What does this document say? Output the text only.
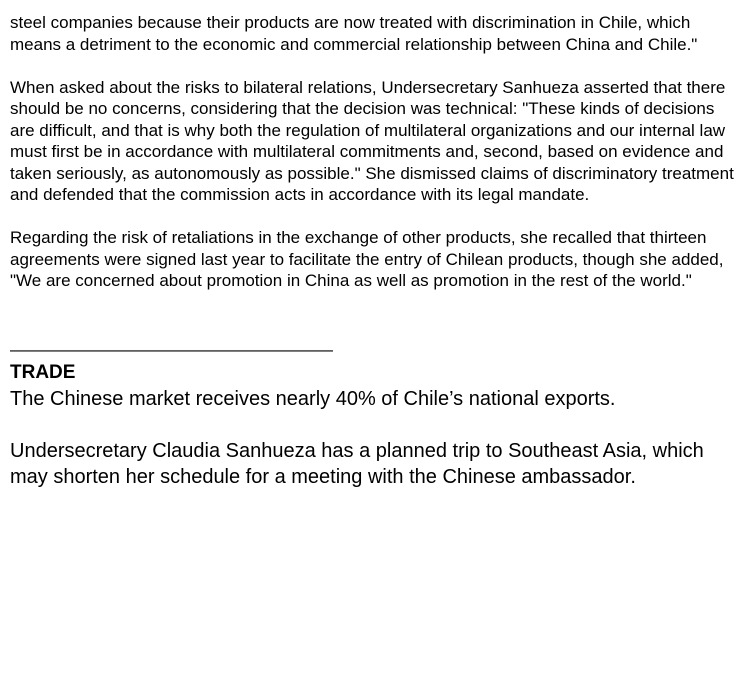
steel companies because their products are now treated with discrimination in Chile, which means a detriment to the economic and commercial relationship between China and Chile."

When asked about the risks to bilateral relations, Undersecretary Sanhueza asserted that there should be no concerns, considering that the decision was technical: "These kinds of decisions are difficult, and that is why both the regulation of multilateral organizations and our internal law must first be in accordance with multilateral commitments and, second, based on evidence and taken seriously, as autonomously as possible." She dismissed claims of discriminatory treatment and defended that the commission acts in accordance with its legal mandate.

Regarding the risk of retaliations in the exchange of other products, she recalled that thirteen agreements were signed last year to facilitate the entry of Chilean products, though she added, "We are concerned about promotion in China as well as promotion in the rest of the world."

———————————————————
TRADE

The Chinese market receives nearly 40% of Chile’s national exports.

Undersecretary Claudia Sanhueza has a planned trip to Southeast Asia, which may shorten her schedule for a meeting with the Chinese ambassador.
